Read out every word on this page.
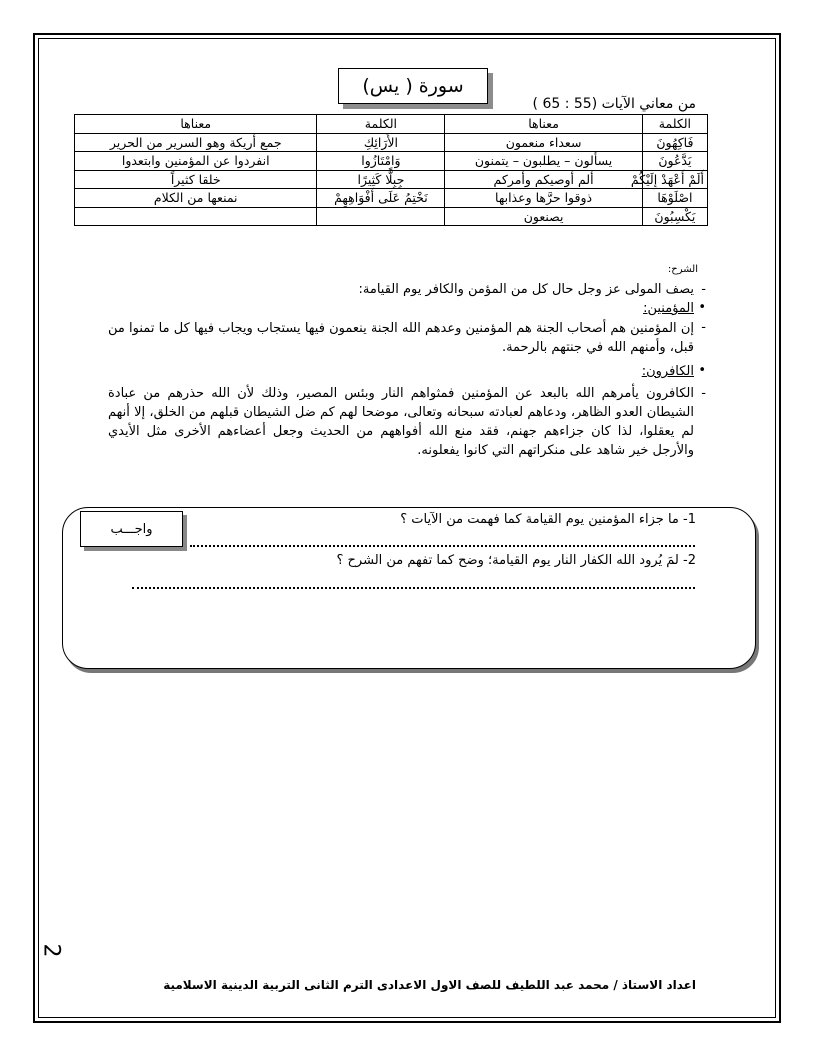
سورة ( يس)
من معاني الآيات (55 : 65 )
الكلمة	معناها	الكلمة	معناها
فَاكِهُونَ	سعداء منعمون	الأَرَائِكِ	جمع أريكة وهو السرير من الحرير
يَدَّعُونَ	يسألون – يطلبون – يتمنون	وَامْتَازُوا	انفردوا عن المؤمنين وابتعدوا
أَلَمْ أَعْهَدْ إِلَيْكُمْ	ألم أوصيكم وأمركم	جِبِلًّا كَثِيرًا	خلقا كثيراً
اصْلَوْهَا	ذوقوا حرَّها وعذابها	نَخْتِمُ عَلَى أَفْوَاهِهِمْ	نمنعها من الكلام
يَكْسِبُونَ	يصنعون		
الشرح:
-
يصف المولى عز وجل حال كل من المؤمن والكافر يوم القيامة:
•
المؤمنين:
-
إن المؤمنين هم أصحاب الجنة هم المؤمنين وعدهم الله الجنة ينعمون فيها يستجاب ويجاب فيها كل ما تمنوا من قبل، وأمنهم الله في جنتهم بالرحمة.
•
الكافرون:
-
الكافرون يأمرهم الله بالبعد عن المؤمنين فمثواهم النار وبئس المصير، وذلك لأن الله حذرهم من عبادة الشيطان العدو الظاهر، ودعاهم لعبادته سبحانه وتعالى، موضحا لهم كم ضل الشيطان قبلهم من الخلق، إلا أنهم لم يعقلوا، لذا كان جزاءهم جهنم، فقد منع الله أفواههم من الحديث وجعل أعضاءهم الأخرى مثل الأيدي والأرجل خير شاهد على منكراتهم التي كانوا يفعلونه.
واجـــب
1- ما جزاء المؤمنين يوم القيامة كما فهمت من الآيات ؟
2- لمَ يُرود الله الكفار النار يوم القيامة؛ وضح كما تفهم من الشرح ؟
2
اعداد الاستاذ / محمد عبد اللطيف للصف الاول الاعدادى الترم الثانى التربية الدينية الاسلامية
